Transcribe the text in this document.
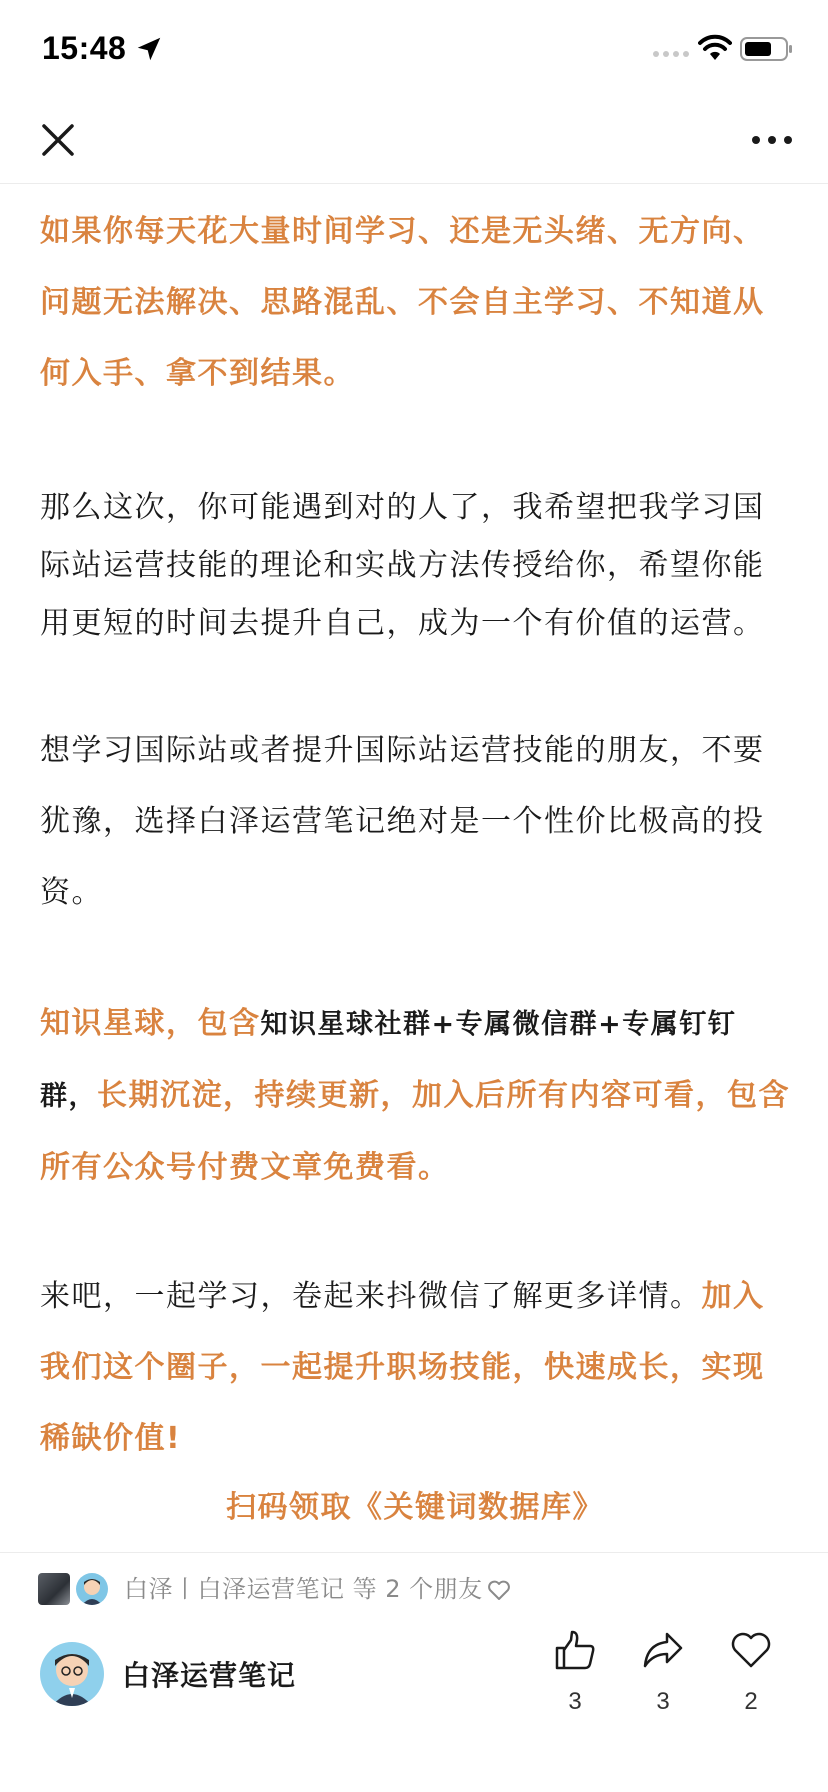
15:48

如果你每天花大量时间学习、还是无头绪、无方向、问题无法解决、思路混乱、不会自主学习、不知道从何入手、拿不到结果。

那么这次，你可能遇到对的人了，我希望把我学习国际站运营技能的理论和实战方法传授给你，希望你能用更短的时间去提升自己，成为一个有价值的运营。

想学习国际站或者提升国际站运营技能的朋友，不要犹豫，选择白泽运营笔记绝对是一个性价比极高的投资。

知识星球，包含知识星球社群+专属微信群+专属钉钉群，长期沉淀，持续更新，加入后所有内容可看，包含所有公众号付费文章免费看。

来吧，一起学习，卷起来抖微信了解更多详情。加入我们这个圈子，一起提升职场技能，快速成长，实现稀缺价值!

扫码领取《关键词数据库》

白泽丨白泽运营笔记 等 2 个朋友
白泽运营笔记
3	3	2
